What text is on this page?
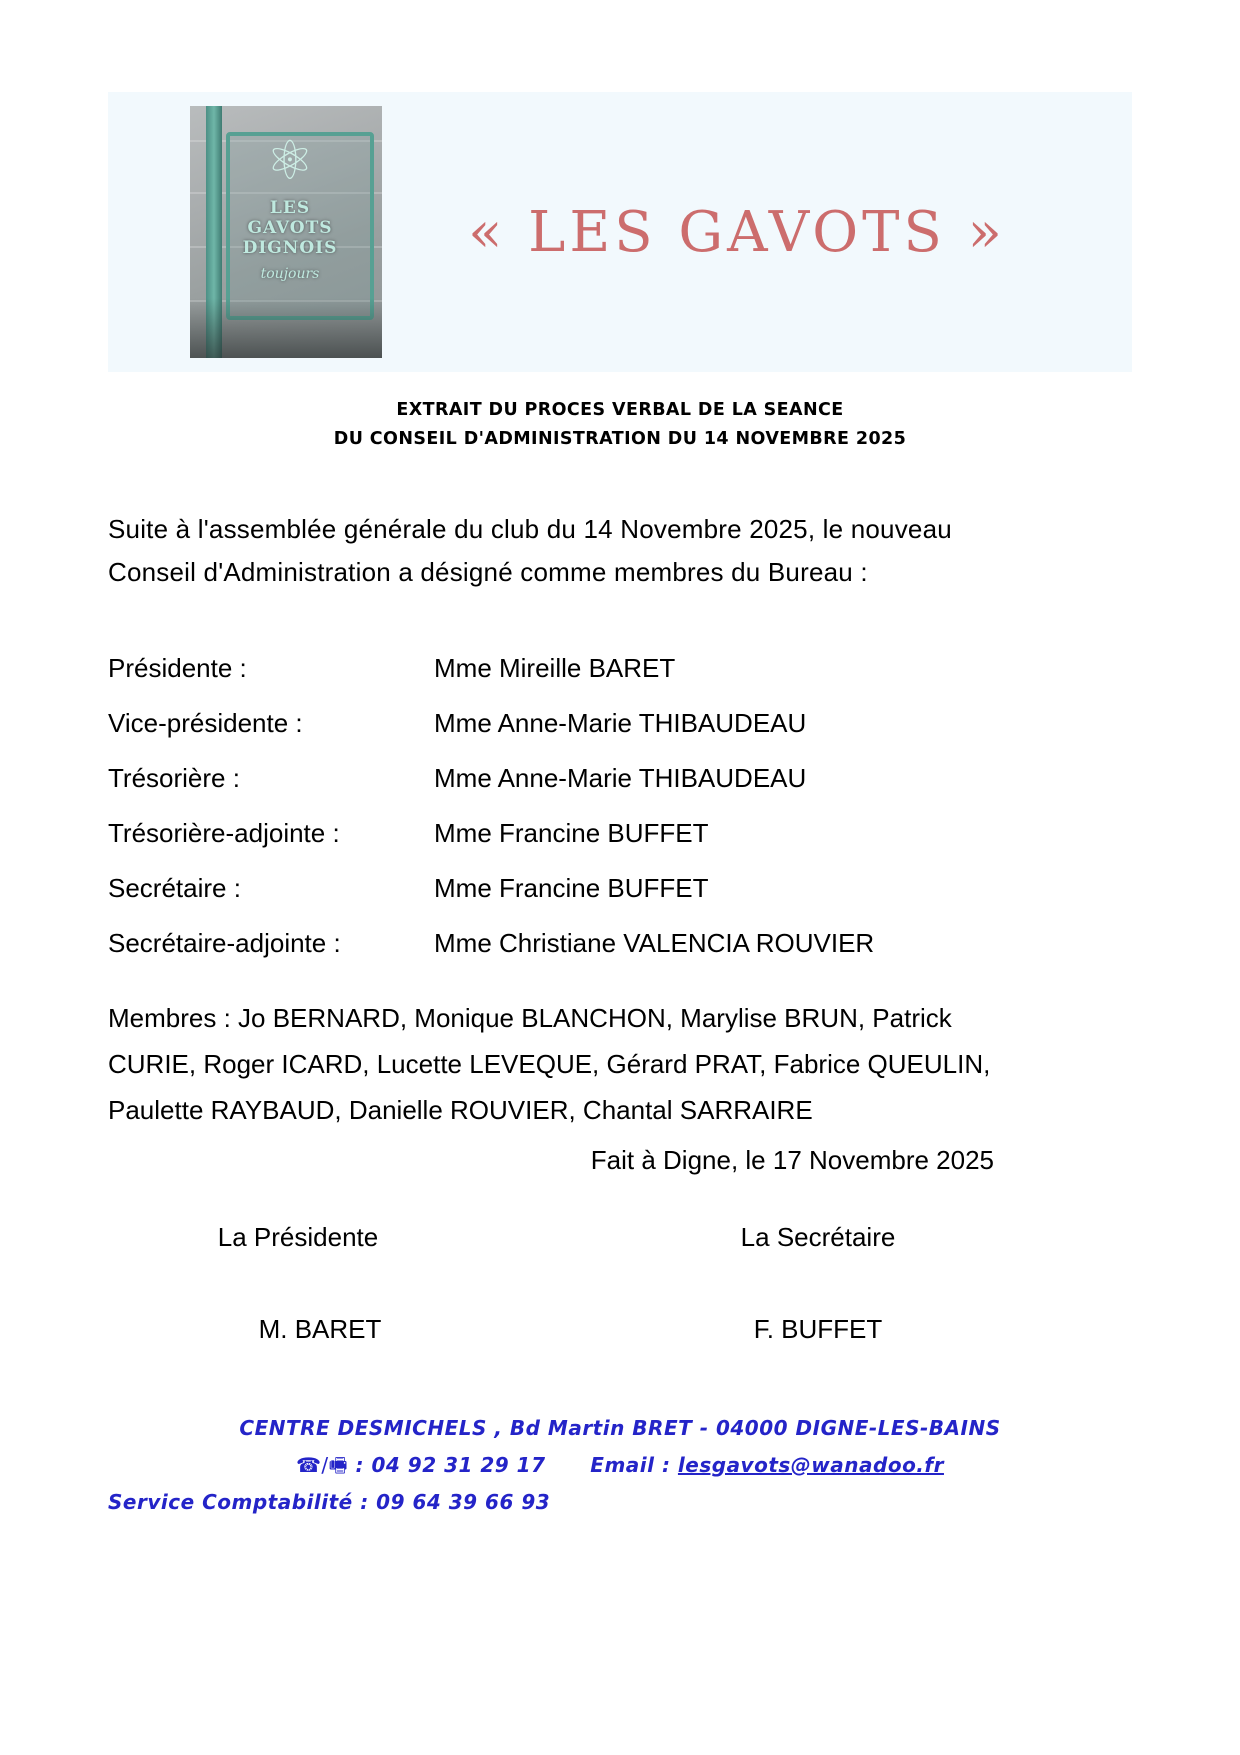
⚛
LES GAVOTS DIGNOIS
toujours
« LES GAVOTS »
EXTRAIT DU PROCES VERBAL DE LA SEANCE
DU CONSEIL D'ADMINISTRATION DU 14 NOVEMBRE 2025
Suite à l'assemblée générale du club du 14 Novembre 2025, le nouveau Conseil d'Administration a désigné comme membres du Bureau :
Présidente :	Mme Mireille BARET
Vice-présidente :	Mme Anne-Marie THIBAUDEAU
Trésorière :	Mme Anne-Marie THIBAUDEAU
Trésorière-adjointe :	Mme Francine BUFFET
Secrétaire :	Mme Francine BUFFET
Secrétaire-adjointe :	Mme Christiane VALENCIA ROUVIER
Membres : Jo BERNARD, Monique BLANCHON, Marylise BRUN, Patrick CURIE, Roger ICARD, Lucette LEVEQUE, Gérard PRAT, Fabrice QUEULIN, Paulette RAYBAUD, Danielle ROUVIER, Chantal SARRAIRE
Fait à Digne, le 17 Novembre 2025
La Présidente	La Secrétaire
M. BARET	F. BUFFET
CENTRE DESMICHELS , Bd Martin BRET - 04000 DIGNE-LES-BAINS
☎/🖷 : 04 92 31 29 17 Email : lesgavots@wanadoo.fr
Service Comptabilité : 09 64 39 66 93
